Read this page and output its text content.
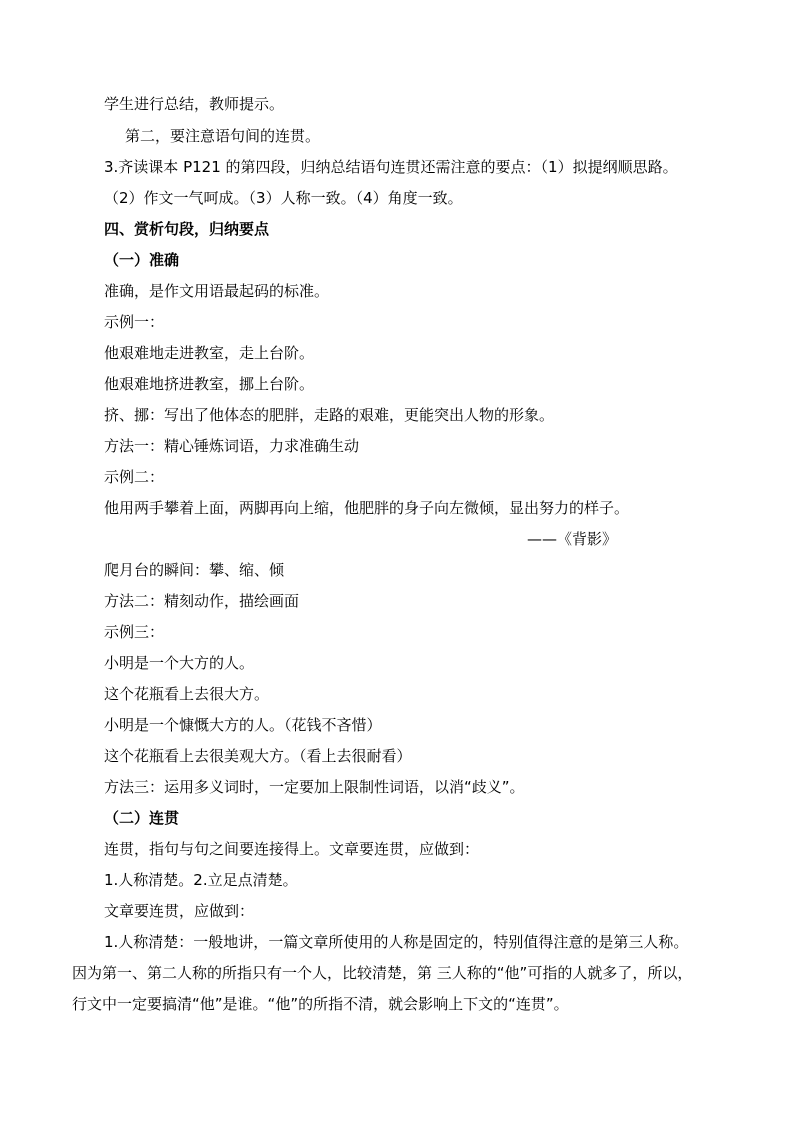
学生进行总结，教师提示。
第二，要注意语句间的连贯。
3.齐读课本 P121 的第四段，归纳总结语句连贯还需注意的要点：（1）拟提纲顺思路。
（2）作文一气呵成。（3）人称一致。（4）角度一致。
四、赏析句段，归纳要点
（一）准确
准确，是作文用语最起码的标准。
示例一：
他艰难地走进教室，走上台阶。
他艰难地挤进教室，挪上台阶。
挤、挪：写出了他体态的肥胖，走路的艰难，更能突出人物的形象。
方法一：精心锤炼词语，力求准确生动
示例二：
他用两手攀着上面，两脚再向上缩，他肥胖的身子向左微倾，显出努力的样子。
——《背影》
爬月台的瞬间：攀、缩、倾
方法二：精刻动作，描绘画面
示例三：
小明是一个大方的人。
这个花瓶看上去很大方。
小明是一个慷慨大方的人。（花钱不吝惜）
这个花瓶看上去很美观大方。（看上去很耐看）
方法三：运用多义词时，一定要加上限制性词语，以消“歧义”。
（二）连贯
连贯，指句与句之间要连接得上。文章要连贯，应做到：
1.人称清楚。2.立足点清楚。
文章要连贯，应做到：
1.人称清楚：一般地讲，一篇文章所使用的人称是固定的，特别值得注意的是第三人称。
因为第一、第二人称的所指只有一个人，比较清楚，第 三人称的“他”可指的人就多了，所以，
行文中一定要搞清“他”是谁。“他”的所指不清，就会影响上下文的“连贯”。
